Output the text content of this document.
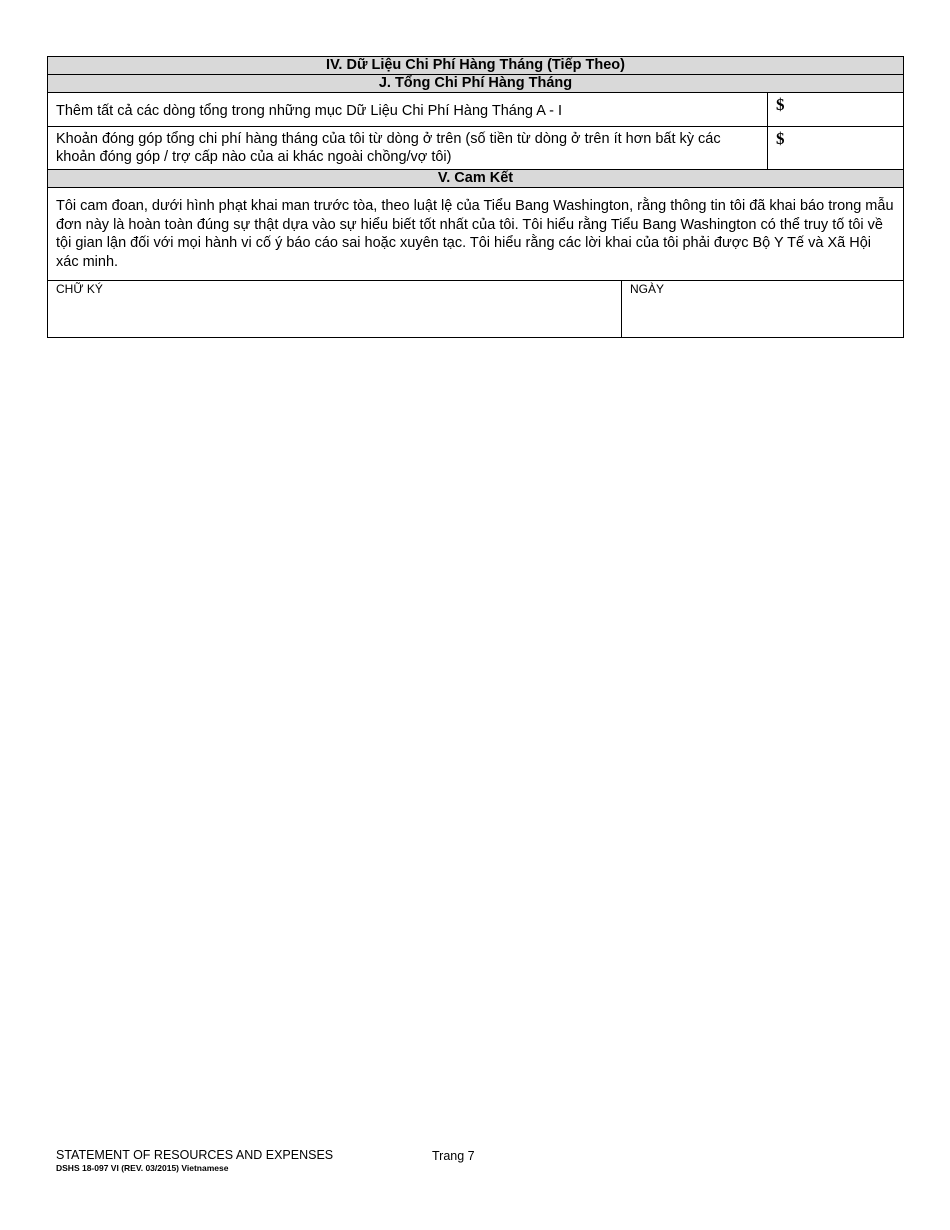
IV. Dữ Liệu Chi Phí Hàng Tháng (Tiếp Theo)		
J. Tổng Chi Phí Hàng Tháng		
Thêm tất cả các dòng tổng trong những mục Dữ Liệu Chi Phí Hàng Tháng A - I		$
Khoản đóng góp tổng chi phí hàng tháng của tôi từ dòng ở trên (số tiền từ dòng ở trên ít hơn bất kỳ các khoản đóng góp / trợ cấp nào của ai khác ngoài chồng/vợ tôi)		$
V. Cam Kết		
Tôi cam đoan, dưới hình phạt khai man trước tòa, theo luật lệ của Tiểu Bang Washington, rằng thông tin tôi đã khai báo trong mẫu đơn này là hoàn toàn đúng sự thật dựa vào sự hiểu biết tốt nhất của tôi. Tôi hiểu rằng Tiểu Bang Washington có thể truy tố tôi về tội gian lận đối với mọi hành vi cố ý báo cáo sai hoặc xuyên tạc. Tôi hiểu rằng các lời khai của tôi phải được Bộ Y Tế và Xã Hội xác minh.		
CHỮ KÝ	NGÀY	
STATEMENT OF RESOURCES AND EXPENSES	Trang 7
DSHS 18-097 VI (REV. 03/2015) Vietnamese
